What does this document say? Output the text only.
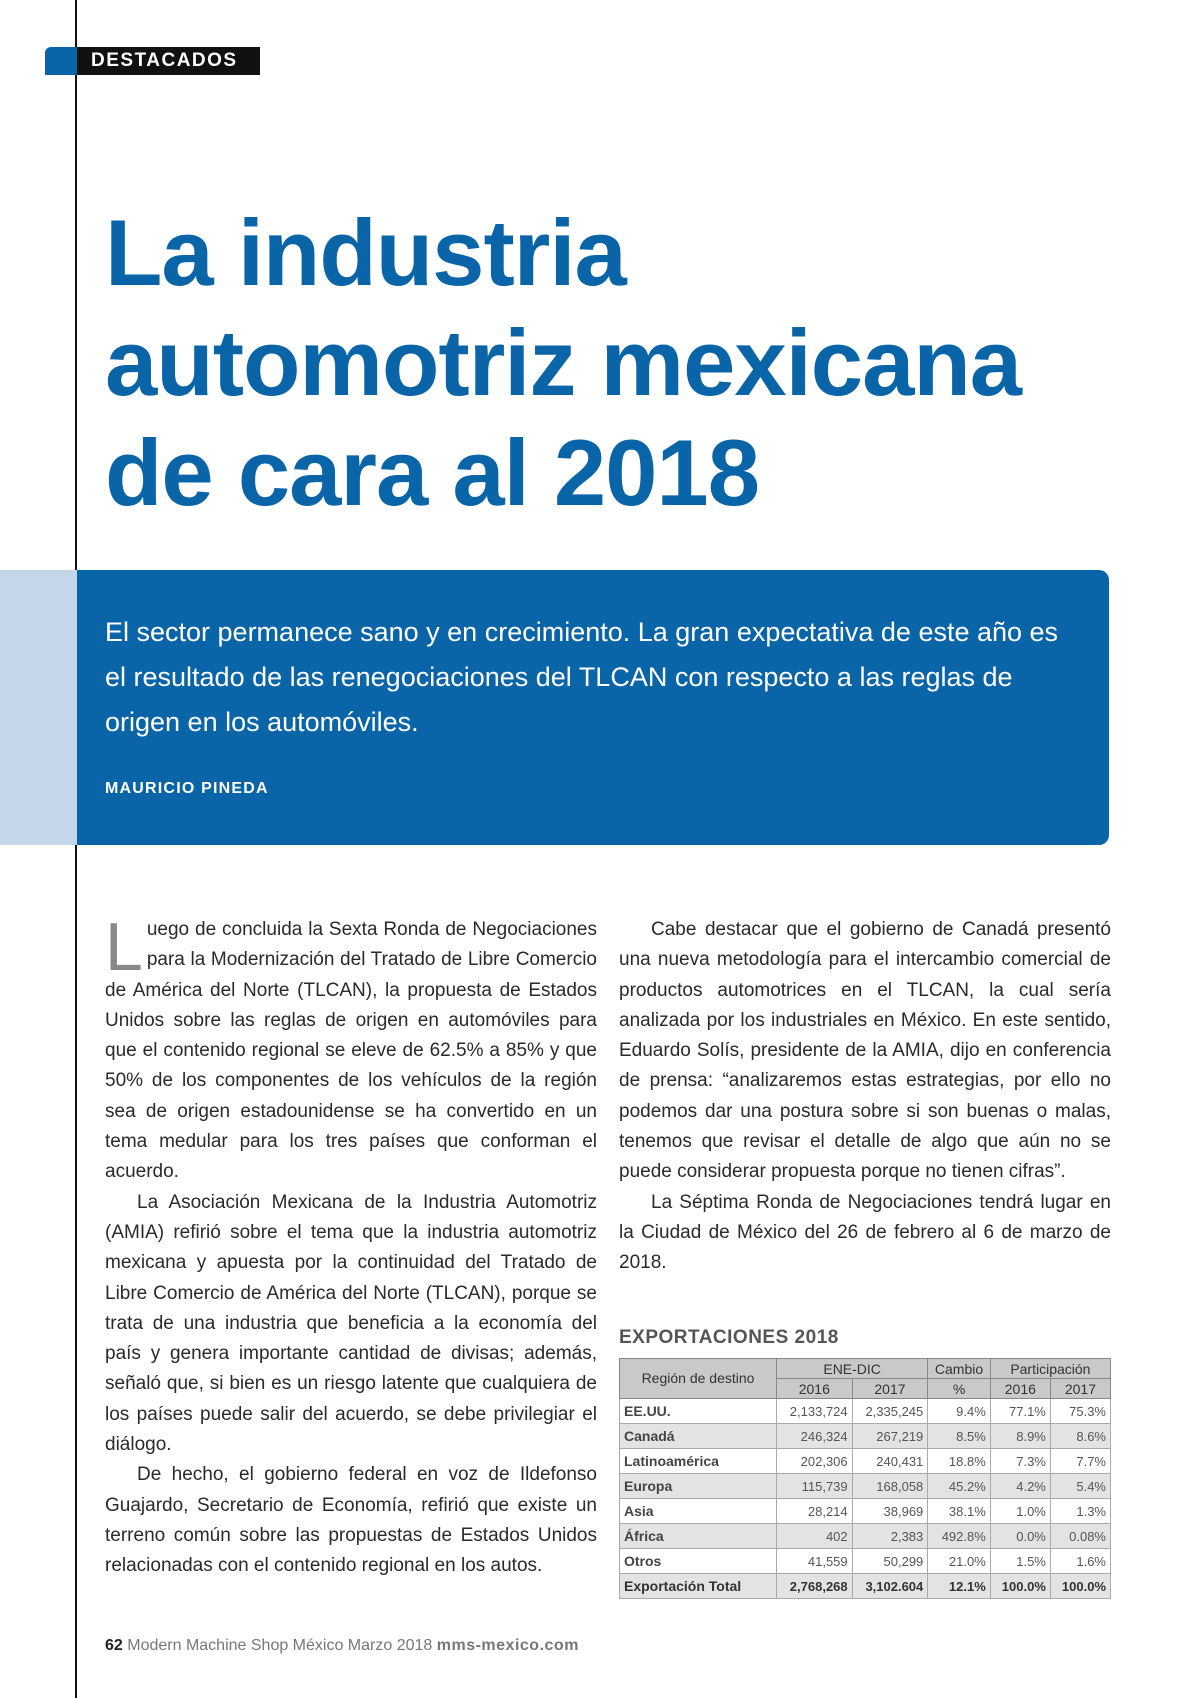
DESTACADOS
La industria
automotriz mexicana
de cara al 2018

El sector permanece sano y en crecimiento. La gran expectativa de este año es el resultado de las renegociaciones del TLCAN con respecto a las reglas de origen en los automóviles.

MAURICIO PINEDA

Luego de concluida la Sexta Ronda de Negociaciones para la Modernización del Tratado de Libre Comercio de América del Norte (TLCAN), la propuesta de Estados Unidos sobre las reglas de origen en automóviles para que el contenido regional se eleve de 62.5% a 85% y que 50% de los componentes de los vehículos de la región sea de origen estadounidense se ha convertido en un tema medular para los tres países que conforman el acuerdo.

La Asociación Mexicana de la Industria Automotriz (AMIA) refirió sobre el tema que la industria automotriz mexicana y apuesta por la continuidad del Tratado de Libre Comercio de América del Norte (TLCAN), porque se trata de una industria que beneficia a la economía del país y genera importante cantidad de divisas; además, señaló que, si bien es un riesgo latente que cualquiera de los países puede salir del acuerdo, se debe privilegiar el diálogo.

De hecho, el gobierno federal en voz de Ildefonso Guajardo, Secretario de Economía, refirió que existe un terreno común sobre las propuestas de Estados Unidos relacionadas con el contenido regional en los autos.

Cabe destacar que el gobierno de Canadá presentó una nueva metodología para el intercambio comercial de productos automotrices en el TLCAN, la cual sería analizada por los industriales en México. En este sentido, Eduardo Solís, presidente de la AMIA, dijo en conferencia de prensa: “analizaremos estas estrategias, por ello no podemos dar una postura sobre si son buenas o malas, tenemos que revisar el detalle de algo que aún no se puede considerar propuesta porque no tienen cifras”.

La Séptima Ronda de Negociaciones tendrá lugar en la Ciudad de México del 26 de febrero al 6 de marzo de 2018.

EXPORTACIONES 2018
Región de destino	ENE-DIC		Cambio	Participación	
	2016	2017	%	2016	2017
EE.UU.	2,133,724	2,335,245	9.4%	77.1%	75.3%
Canadá	246,324	267,219	8.5%	8.9%	8.6%
Latinoamérica	202,306	240,431	18.8%	7.3%	7.7%
Europa	115,739	168,058	45.2%	4.2%	5.4%
Asia	28,214	38,969	38.1%	1.0%	1.3%
África	402	2,383	492.8%	0.0%	0.08%
Otros	41,559	50,299	21.0%	1.5%	1.6%
Exportación Total	2,768,268	3,102.604	12.1%	100.0%	100.0%
62 Modern Machine Shop México Marzo 2018 mms-mexico.com
